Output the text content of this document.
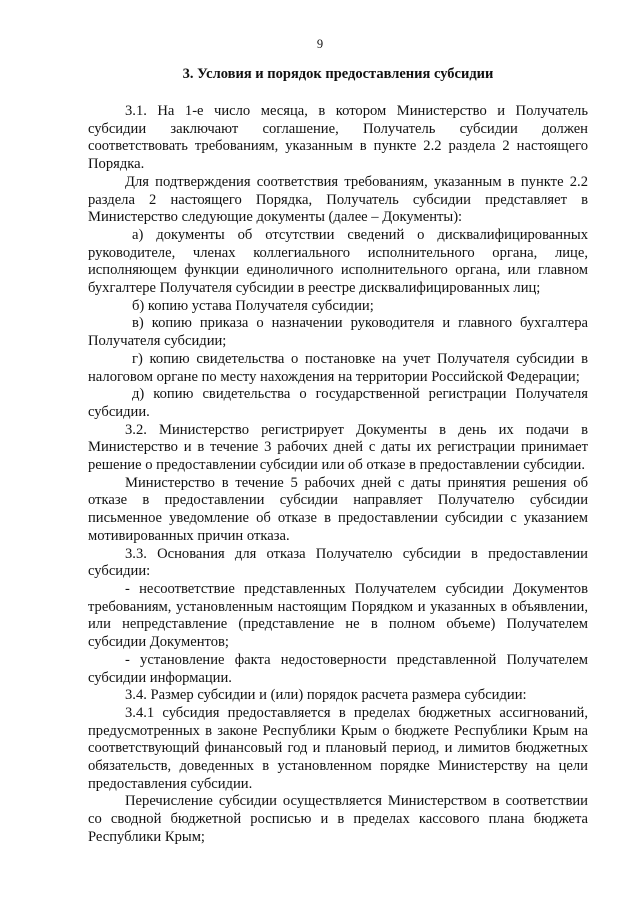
9
3. Условия и порядок предоставления субсидии

3.1. На 1-е число месяца, в котором Министерство и Получатель субсидии заключают соглашение, Получатель субсидии должен соответствовать требованиям, указанным в пункте 2.2 раздела 2 настоящего Порядка.

Для подтверждения соответствия требованиям, указанным в пункте 2.2 раздела 2 настоящего Порядка, Получатель субсидии представляет в Министерство следующие документы (далее – Документы):

а) документы об отсутствии сведений о дисквалифицированных руководителе, членах коллегиального исполнительного органа, лице, исполняющем функции единоличного исполнительного органа, или главном бухгалтере Получателя субсидии в реестре дисквалифицированных лиц;

б) копию устава Получателя субсидии;

в) копию приказа о назначении руководителя и главного бухгалтера Получателя субсидии;

г) копию свидетельства о постановке на учет Получателя субсидии в налоговом органе по месту нахождения на территории Российской Федерации;

д) копию свидетельства о государственной регистрации Получателя субсидии.

3.2. Министерство регистрирует Документы в день их подачи в Министерство и в течение 3 рабочих дней с даты их регистрации принимает решение о предоставлении субсидии или об отказе в предоставлении субсидии.

Министерство в течение 5 рабочих дней с даты принятия решения об отказе в предоставлении субсидии направляет Получателю субсидии письменное уведомление об отказе в предоставлении субсидии с указанием мотивированных причин отказа.

3.3. Основания для отказа Получателю субсидии в предоставлении субсидии:

- несоответствие представленных Получателем субсидии Документов требованиям, установленным настоящим Порядком и указанных в объявлении, или непредставление (представление не в полном объеме) Получателем субсидии Документов;

- установление факта недостоверности представленной Получателем субсидии информации.

3.4. Размер субсидии и (или) порядок расчета размера субсидии:

3.4.1 субсидия предоставляется в пределах бюджетных ассигнований, предусмотренных в законе Республики Крым о бюджете Республики Крым на соответствующий финансовый год и плановый период, и лимитов бюджетных обязательств, доведенных в установленном порядке Министерству на цели предоставления субсидии.

Перечисление субсидии осуществляется Министерством в соответствии со сводной бюджетной росписью и в пределах кассового плана бюджета Республики Крым;
